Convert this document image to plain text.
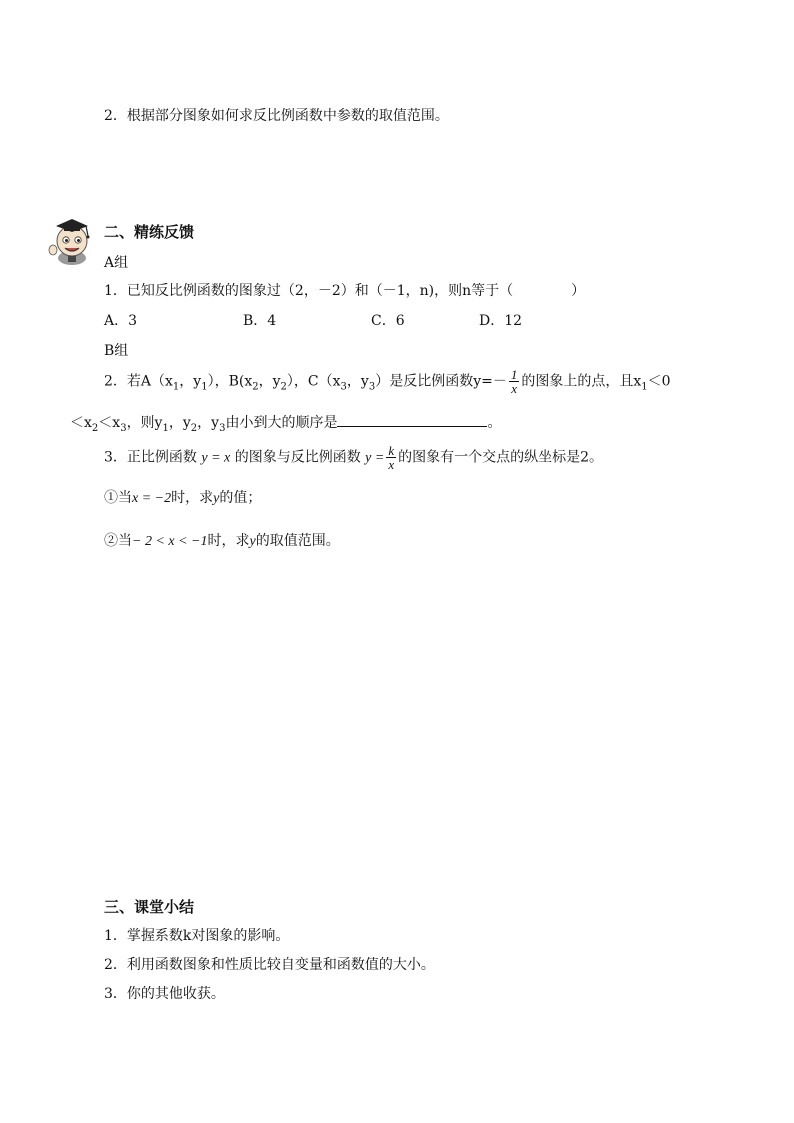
2．根据部分图象如何求反比例函数中参数的取值范围。
二、精练反馈
A组
1．已知反比例函数的图象过（2，－2）和（－1，n)，则n等于（	）
A．3	B．4	C．6	D．12
B组
2．若$A(x_1$，$y_1$），$B(x_2$，$y_2$），$C(x_3$，$y_3$）是反比例函数$y=- \frac{1}{x}$ 的图象上的点，且$x_1<0$
$<x_2<x_3$，则$y_1$，$y_2$，$y_3$由小到大的顺序是	。
3．正比例函数 y = x 的图象与反比例函数 $y = \frac{k}{x}$ 的图象有一个交点的纵坐标是2。
①当x = −2时，求y的值；
②当− 2 < x < −1时，求y的取值范围。
三、课堂小结
1．掌握系数k对图象的影响。
2．利用函数图象和性质比较自变量和函数值的大小。
3．你的其他收获。
